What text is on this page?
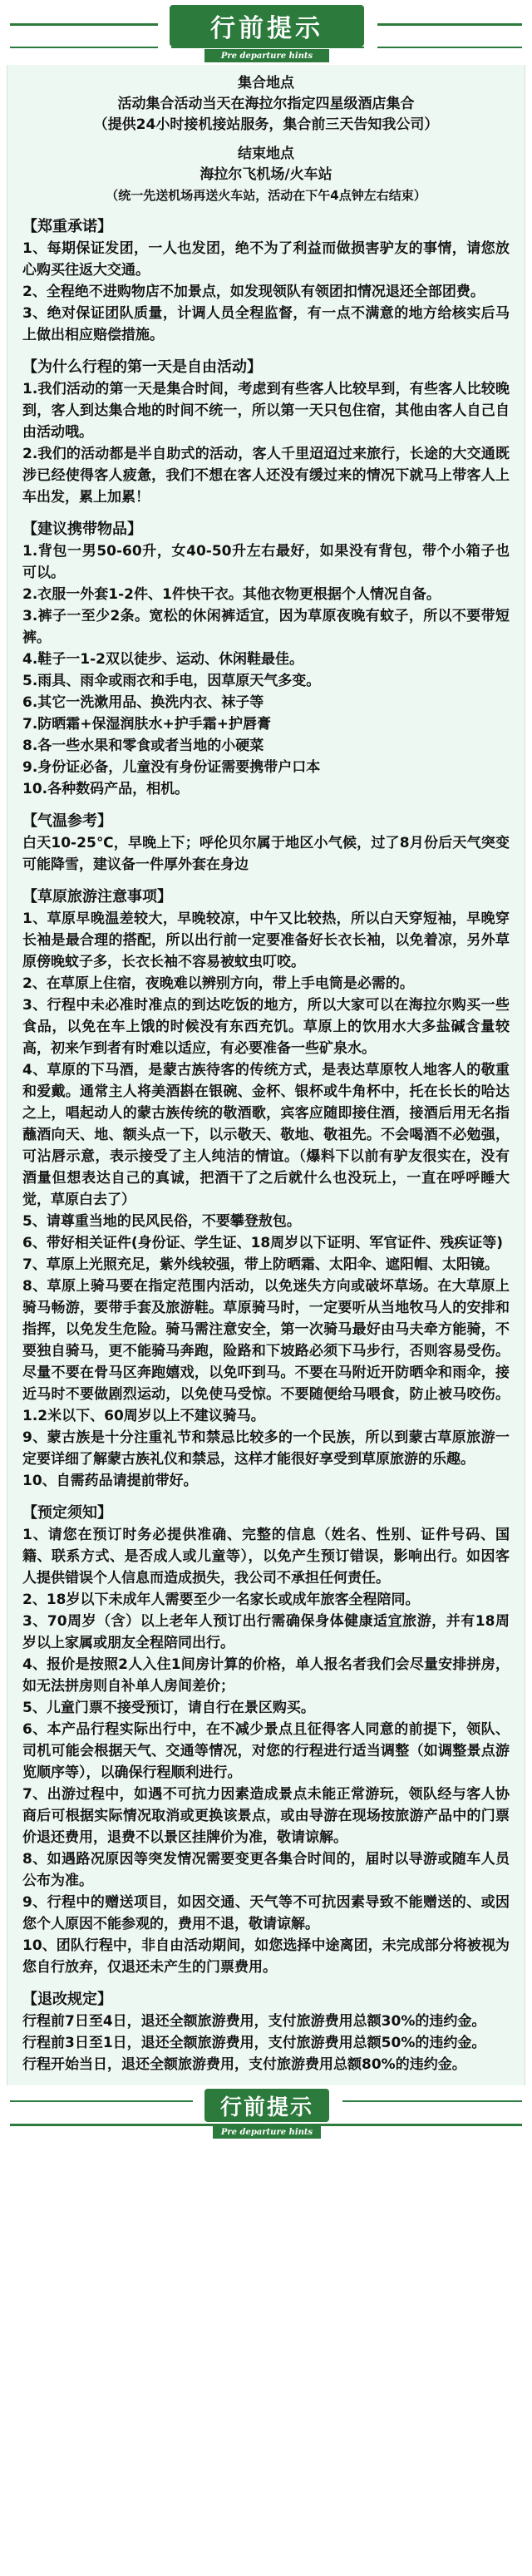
行前提示
Pre departure hints
集合地点
活动集合活动当天在海拉尔指定四星级酒店集合
（提供24小时接机接站服务，集合前三天告知我公司）
结束地点
海拉尔飞机场/火车站
（统一先送机场再送火车站，活动在下午4点钟左右结束）
【郑重承诺】
1、每期保证发团，一人也发团，绝不为了利益而做损害驴友的事情，请您放心购买往返大交通。
2、全程绝不进购物店不加景点，如发现领队有领团扣情况退还全部团费。
3、绝对保证团队质量，计调人员全程监督，有一点不满意的地方给核实后马上做出相应赔偿措施。
【为什么行程的第一天是自由活动】
1.我们活动的第一天是集合时间，考虑到有些客人比较早到，有些客人比较晚到，客人到达集合地的时间不统一，所以第一天只包住宿，其他由客人自己自由活动哦。
2.我们的活动都是半自助式的活动，客人千里迢迢过来旅行，长途的大交通既涉已经使得客人疲惫，我们不想在客人还没有缓过来的情况下就马上带客人上车出发，累上加累！
【建议携带物品】
1.背包一男50-60升，女40-50升左右最好，如果没有背包，带个小箱子也可以。
2.衣服一外套1-2件、1件快干衣。其他衣物更根据个人情况自备。
3.裤子一至少2条。宽松的休闲裤适宜，因为草原夜晚有蚊子，所以不要带短裤。
4.鞋子一1-2双以徒步、运动、休闲鞋最佳。
5.雨具、雨伞或雨衣和手电，因草原天气多变。
6.其它一洗漱用品、换洗内衣、袜子等
7.防晒霜+保湿润肤水+护手霜+护唇膏
8.各一些水果和零食或者当地的小硬菜
9.身份证必备，儿童没有身份证需要携带户口本
10.各种数码产品，相机。
【气温参考】
白天10-25℃，早晚上下；呼伦贝尔属于地区小气候，过了8月份后天气突变可能降雪，建议备一件厚外套在身边
【草原旅游注意事项】
1、草原早晚温差较大，早晚较凉，中午又比较热，所以白天穿短袖，早晚穿长袖是最合理的搭配，所以出行前一定要准备好长衣长袖，以免着凉，另外草原傍晚蚊子多，长衣长袖不容易被蚊虫叮咬。
2、在草原上住宿，夜晚难以辨别方向，带上手电筒是必需的。
3、行程中未必准时准点的到达吃饭的地方，所以大家可以在海拉尔购买一些食品，以免在车上饿的时候没有东西充饥。草原上的饮用水大多盐碱含量较高，初来乍到者有时难以适应，有必要准备一些矿泉水。
4、草原的下马酒，是蒙古族待客的传统方式，是表达草原牧人地客人的敬重和爱戴。通常主人将美酒斟在银碗、金杯、银杯或牛角杯中，托在长长的哈达之上，唱起动人的蒙古族传统的敬酒歌，宾客应随即接住酒，接酒后用无名指蘸酒向天、地、额头点一下，以示敬天、敬地、敬祖先。不会喝酒不必勉强，可沾唇示意，表示接受了主人纯洁的情谊。（爆料下以前有驴友很实在，没有酒量但想表达自己的真诚，把酒干了之后就什么也没玩上，一直在呼呼睡大觉，草原白去了）
5、请尊重当地的民风民俗，不要攀登敖包。
6、带好相关证件(身份证、学生证、18周岁以下证明、军官证件、残疾证等)
7、草原上光照充足，紫外线较强，带上防晒霜、太阳伞、遮阳帽、太阳镜。
8、草原上骑马要在指定范围内活动，以免迷失方向或破坏草场。在大草原上骑马畅游，要带手套及旅游鞋。草原骑马时，一定要听从当地牧马人的安排和指挥，以免发生危险。骑马需注意安全，第一次骑马最好由马夫牵方能骑，不要独自骑马，更不能骑马奔跑，险路和下坡路必须下马步行，否则容易受伤。尽量不要在骨马区奔跑嬉戏，以免吓到马。不要在马附近开防晒伞和雨伞，接近马时不要做剧烈运动，以免使马受惊。不要随便给马喂食，防止被马咬伤。1.2米以下、60周岁以上不建议骑马。
9、蒙古族是十分注重礼节和禁忌比较多的一个民族，所以到蒙古草原旅游一定要详细了解蒙古族礼仪和禁忌，这样才能很好享受到草原旅游的乐趣。
10、自需药品请提前带好。
【预定须知】
1、请您在预订时务必提供准确、完整的信息（姓名、性别、证件号码、国籍、联系方式、是否成人或儿童等），以免产生预订错误，影响出行。如因客人提供错误个人信息而造成损失，我公司不承担任何责任。
2、18岁以下未成年人需要至少一名家长或成年旅客全程陪同。
3、70周岁（含）以上老年人预订出行需确保身体健康适宜旅游，并有18周岁以上家属或朋友全程陪同出行。
4、报价是按照2人入住1间房计算的价格，单人报名者我们会尽量安排拼房，如无法拼房则自补单人房间差价；
5、儿童门票不接受预订，请自行在景区购买。
6、本产品行程实际出行中，在不减少景点且征得客人同意的前提下，领队、司机可能会根据天气、交通等情况，对您的行程进行适当调整（如调整景点游览顺序等），以确保行程顺利进行。
7、出游过程中，如遇不可抗力因素造成景点未能正常游玩，领队经与客人协商后可根据实际情况取消或更换该景点，或由导游在现场按旅游产品中的门票价退还费用，退费不以景区挂牌价为准，敬请谅解。
8、如遇路况原因等突发情况需要变更各集合时间的，届时以导游或随车人员公布为准。
9、行程中的赠送项目，如因交通、天气等不可抗因素导致不能赠送的、或因您个人原因不能参观的，费用不退，敬请谅解。
10、团队行程中，非自由活动期间，如您选择中途离团，未完成部分将被视为您自行放弃，仅退还未产生的门票费用。
【退改规定】
行程前7日至4日，退还全额旅游费用，支付旅游费用总额30%的违约金。
行程前3日至1日，退还全额旅游费用，支付旅游费用总额50%的违约金。
行程开始当日，退还全额旅游费用，支付旅游费用总额80%的违约金。
行前提示
Pre departure hints
